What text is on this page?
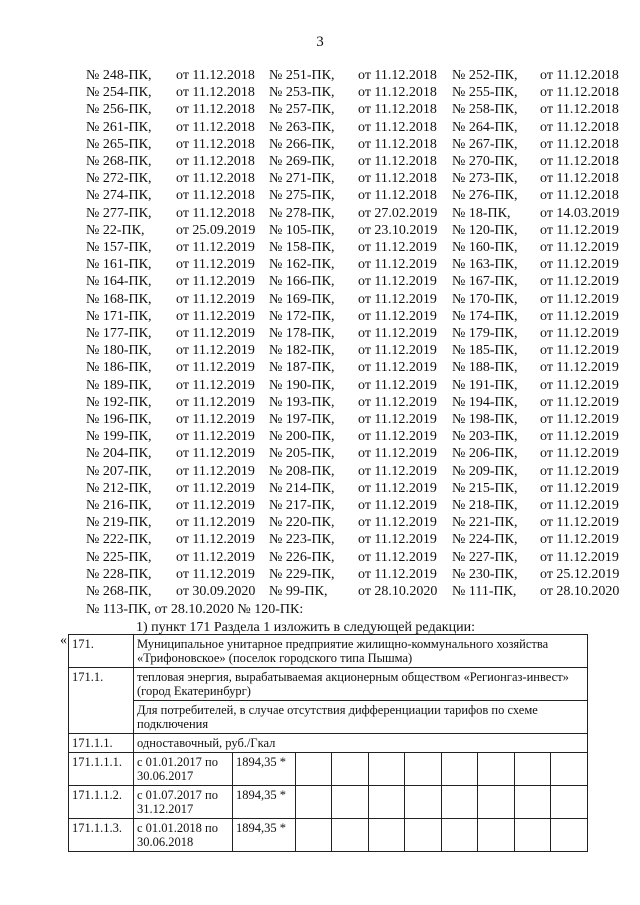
3
№ 248-ПК, от 11.12.2018 № 251-ПК, от 11.12.2018 № 252-ПК, от 11.12.2018
№ 254-ПК, от 11.12.2018 № 253-ПК, от 11.12.2018 № 255-ПК, от 11.12.2018
№ 256-ПК, от 11.12.2018 № 257-ПК, от 11.12.2018 № 258-ПК, от 11.12.2018
№ 261-ПК, от 11.12.2018 № 263-ПК, от 11.12.2018 № 264-ПК, от 11.12.2018
№ 265-ПК, от 11.12.2018 № 266-ПК, от 11.12.2018 № 267-ПК, от 11.12.2018
№ 268-ПК, от 11.12.2018 № 269-ПК, от 11.12.2018 № 270-ПК, от 11.12.2018
№ 272-ПК, от 11.12.2018 № 271-ПК, от 11.12.2018 № 273-ПК, от 11.12.2018
№ 274-ПК, от 11.12.2018 № 275-ПК, от 11.12.2018 № 276-ПК, от 11.12.2018
№ 277-ПК, от 11.12.2018 № 278-ПК, от 27.02.2019 № 18-ПК, от 14.03.2019
№ 22-ПК, от 25.09.2019 № 105-ПК, от 23.10.2019 № 120-ПК, от 11.12.2019
№ 157-ПК, от 11.12.2019 № 158-ПК, от 11.12.2019 № 160-ПК, от 11.12.2019
№ 161-ПК, от 11.12.2019 № 162-ПК, от 11.12.2019 № 163-ПК, от 11.12.2019
№ 164-ПК, от 11.12.2019 № 166-ПК, от 11.12.2019 № 167-ПК, от 11.12.2019
№ 168-ПК, от 11.12.2019 № 169-ПК, от 11.12.2019 № 170-ПК, от 11.12.2019
№ 171-ПК, от 11.12.2019 № 172-ПК, от 11.12.2019 № 174-ПК, от 11.12.2019
№ 177-ПК, от 11.12.2019 № 178-ПК, от 11.12.2019 № 179-ПК, от 11.12.2019
№ 180-ПК, от 11.12.2019 № 182-ПК, от 11.12.2019 № 185-ПК, от 11.12.2019
№ 186-ПК, от 11.12.2019 № 187-ПК, от 11.12.2019 № 188-ПК, от 11.12.2019
№ 189-ПК, от 11.12.2019 № 190-ПК, от 11.12.2019 № 191-ПК, от 11.12.2019
№ 192-ПК, от 11.12.2019 № 193-ПК, от 11.12.2019 № 194-ПК, от 11.12.2019
№ 196-ПК, от 11.12.2019 № 197-ПК, от 11.12.2019 № 198-ПК, от 11.12.2019
№ 199-ПК, от 11.12.2019 № 200-ПК, от 11.12.2019 № 203-ПК, от 11.12.2019
№ 204-ПК, от 11.12.2019 № 205-ПК, от 11.12.2019 № 206-ПК, от 11.12.2019
№ 207-ПК, от 11.12.2019 № 208-ПК, от 11.12.2019 № 209-ПК, от 11.12.2019
№ 212-ПК, от 11.12.2019 № 214-ПК, от 11.12.2019 № 215-ПК, от 11.12.2019
№ 216-ПК, от 11.12.2019 № 217-ПК, от 11.12.2019 № 218-ПК, от 11.12.2019
№ 219-ПК, от 11.12.2019 № 220-ПК, от 11.12.2019 № 221-ПК, от 11.12.2019
№ 222-ПК, от 11.12.2019 № 223-ПК, от 11.12.2019 № 224-ПК, от 11.12.2019
№ 225-ПК, от 11.12.2019 № 226-ПК, от 11.12.2019 № 227-ПК, от 11.12.2019
№ 228-ПК, от 11.12.2019 № 229-ПК, от 11.12.2019 № 230-ПК, от 25.12.2019
№ 268-ПК, от 30.09.2020 № 99-ПК, от 28.10.2020 № 111-ПК, от 28.10.2020
№ 113-ПК, от 28.10.2020 № 120-ПК:
1) пункт 171 Раздела 1 изложить в следующей редакции:
« 171.	Муниципальное унитарное предприятие жилищно-коммунального хозяйства «Трифоновское» (поселок городского типа Пышма)									
171.1.	тепловая энергия, вырабатываемая акционерным обществом «Регионгаз-инвест» (город Екатеринбург)									
	Для потребителей, в случае отсутствия дифференциации тарифов по схеме подключения									
171.1.1.	одноставочный, руб./Гкал									
171.1.1.1.	с 01.01.2017 по 30.06.2017	1894,35 *								
171.1.1.2.	с 01.07.2017 по 31.12.2017	1894,35 *								
171.1.1.3.	с 01.01.2018 по 30.06.2018	1894,35 *								
